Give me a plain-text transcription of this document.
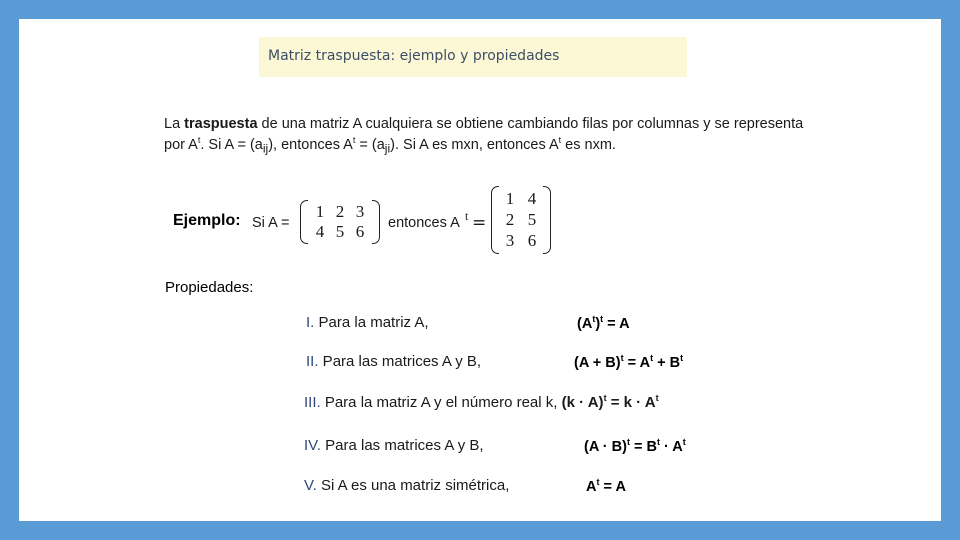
Matriz traspuesta: ejemplo y propiedades
La traspuesta de una matriz A cualquiera se obtiene cambiando filas por columnas y se representa por $A^t$. Si $A = (a_{ij})$, entonces $A^t = (a_{ji})$. Si A es mxn, entonces $A^t$ es nxm.
Ejemplo: Si A =
1 2 3
4 5 6 entonces A t =
1 4
2 5
3 6
Propiedades:
I. Para la matriz A,	$(A^t)^t = A$
II. Para las matrices A y B,	$(A + B)^t = A^t + B^t$
III. Para la matriz A y el número real k, $(k \cdot A)^t = k \cdot A^t$
IV. Para las matrices A y B,	$(A \cdot B)^t = B^t \cdot A^t$
V. Si A es una matriz simétrica,	$A^t = A$
